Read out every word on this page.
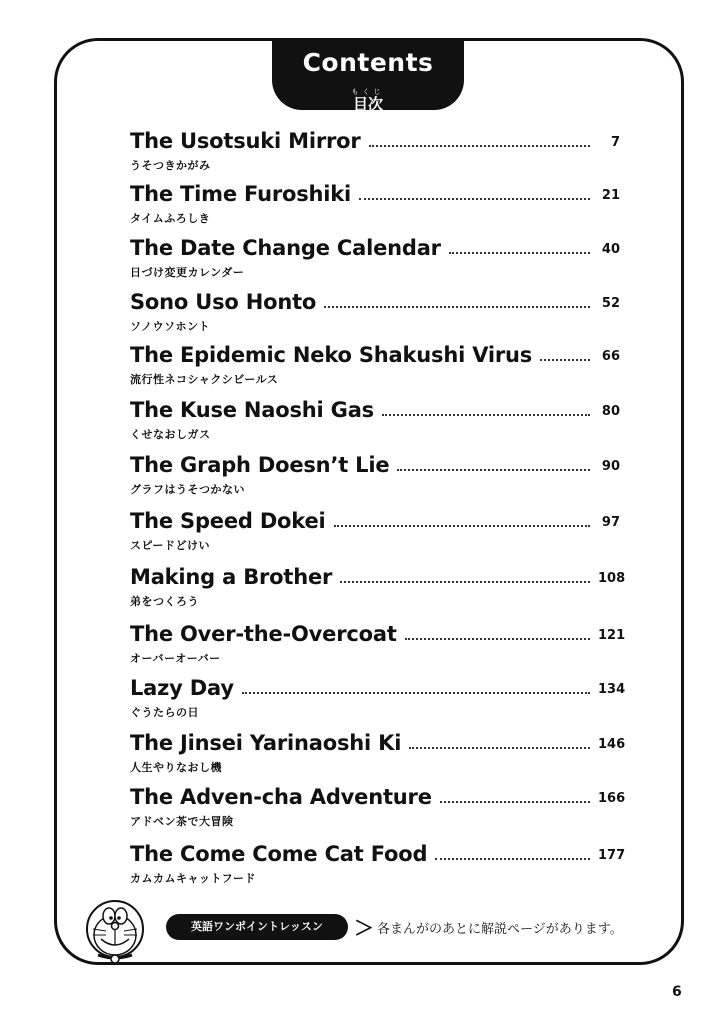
Contents
もくじ
目次
The Usotsuki Mirror	7
うそつきかがみ
The Time Furoshiki	21
タイムふろしき
The Date Change Calendar	40
日づけ変更カレンダー
Sono Uso Honto	52
ソノウソホント
The Epidemic Neko Shakushi Virus	66
流行性ネコシャクシビールス
The Kuse Naoshi Gas	80
くせなおしガス
The Graph Doesn’t Lie	90
グラフはうそつかない
The Speed Dokei	97
スピードどけい
Making a Brother	108
弟をつくろう
The Over-the-Overcoat	121
オーバーオーバー
Lazy Day	134
ぐうたらの日
The Jinsei Yarinaoshi Ki	146
人生やりなおし機
The Adven-cha Adventure	166
アドベン茶で大冒険
The Come Come Cat Food	177
カムカムキャットフード
英語ワンポイントレッスン	＞ 各まんがのあとに解説ページがあります。
6
